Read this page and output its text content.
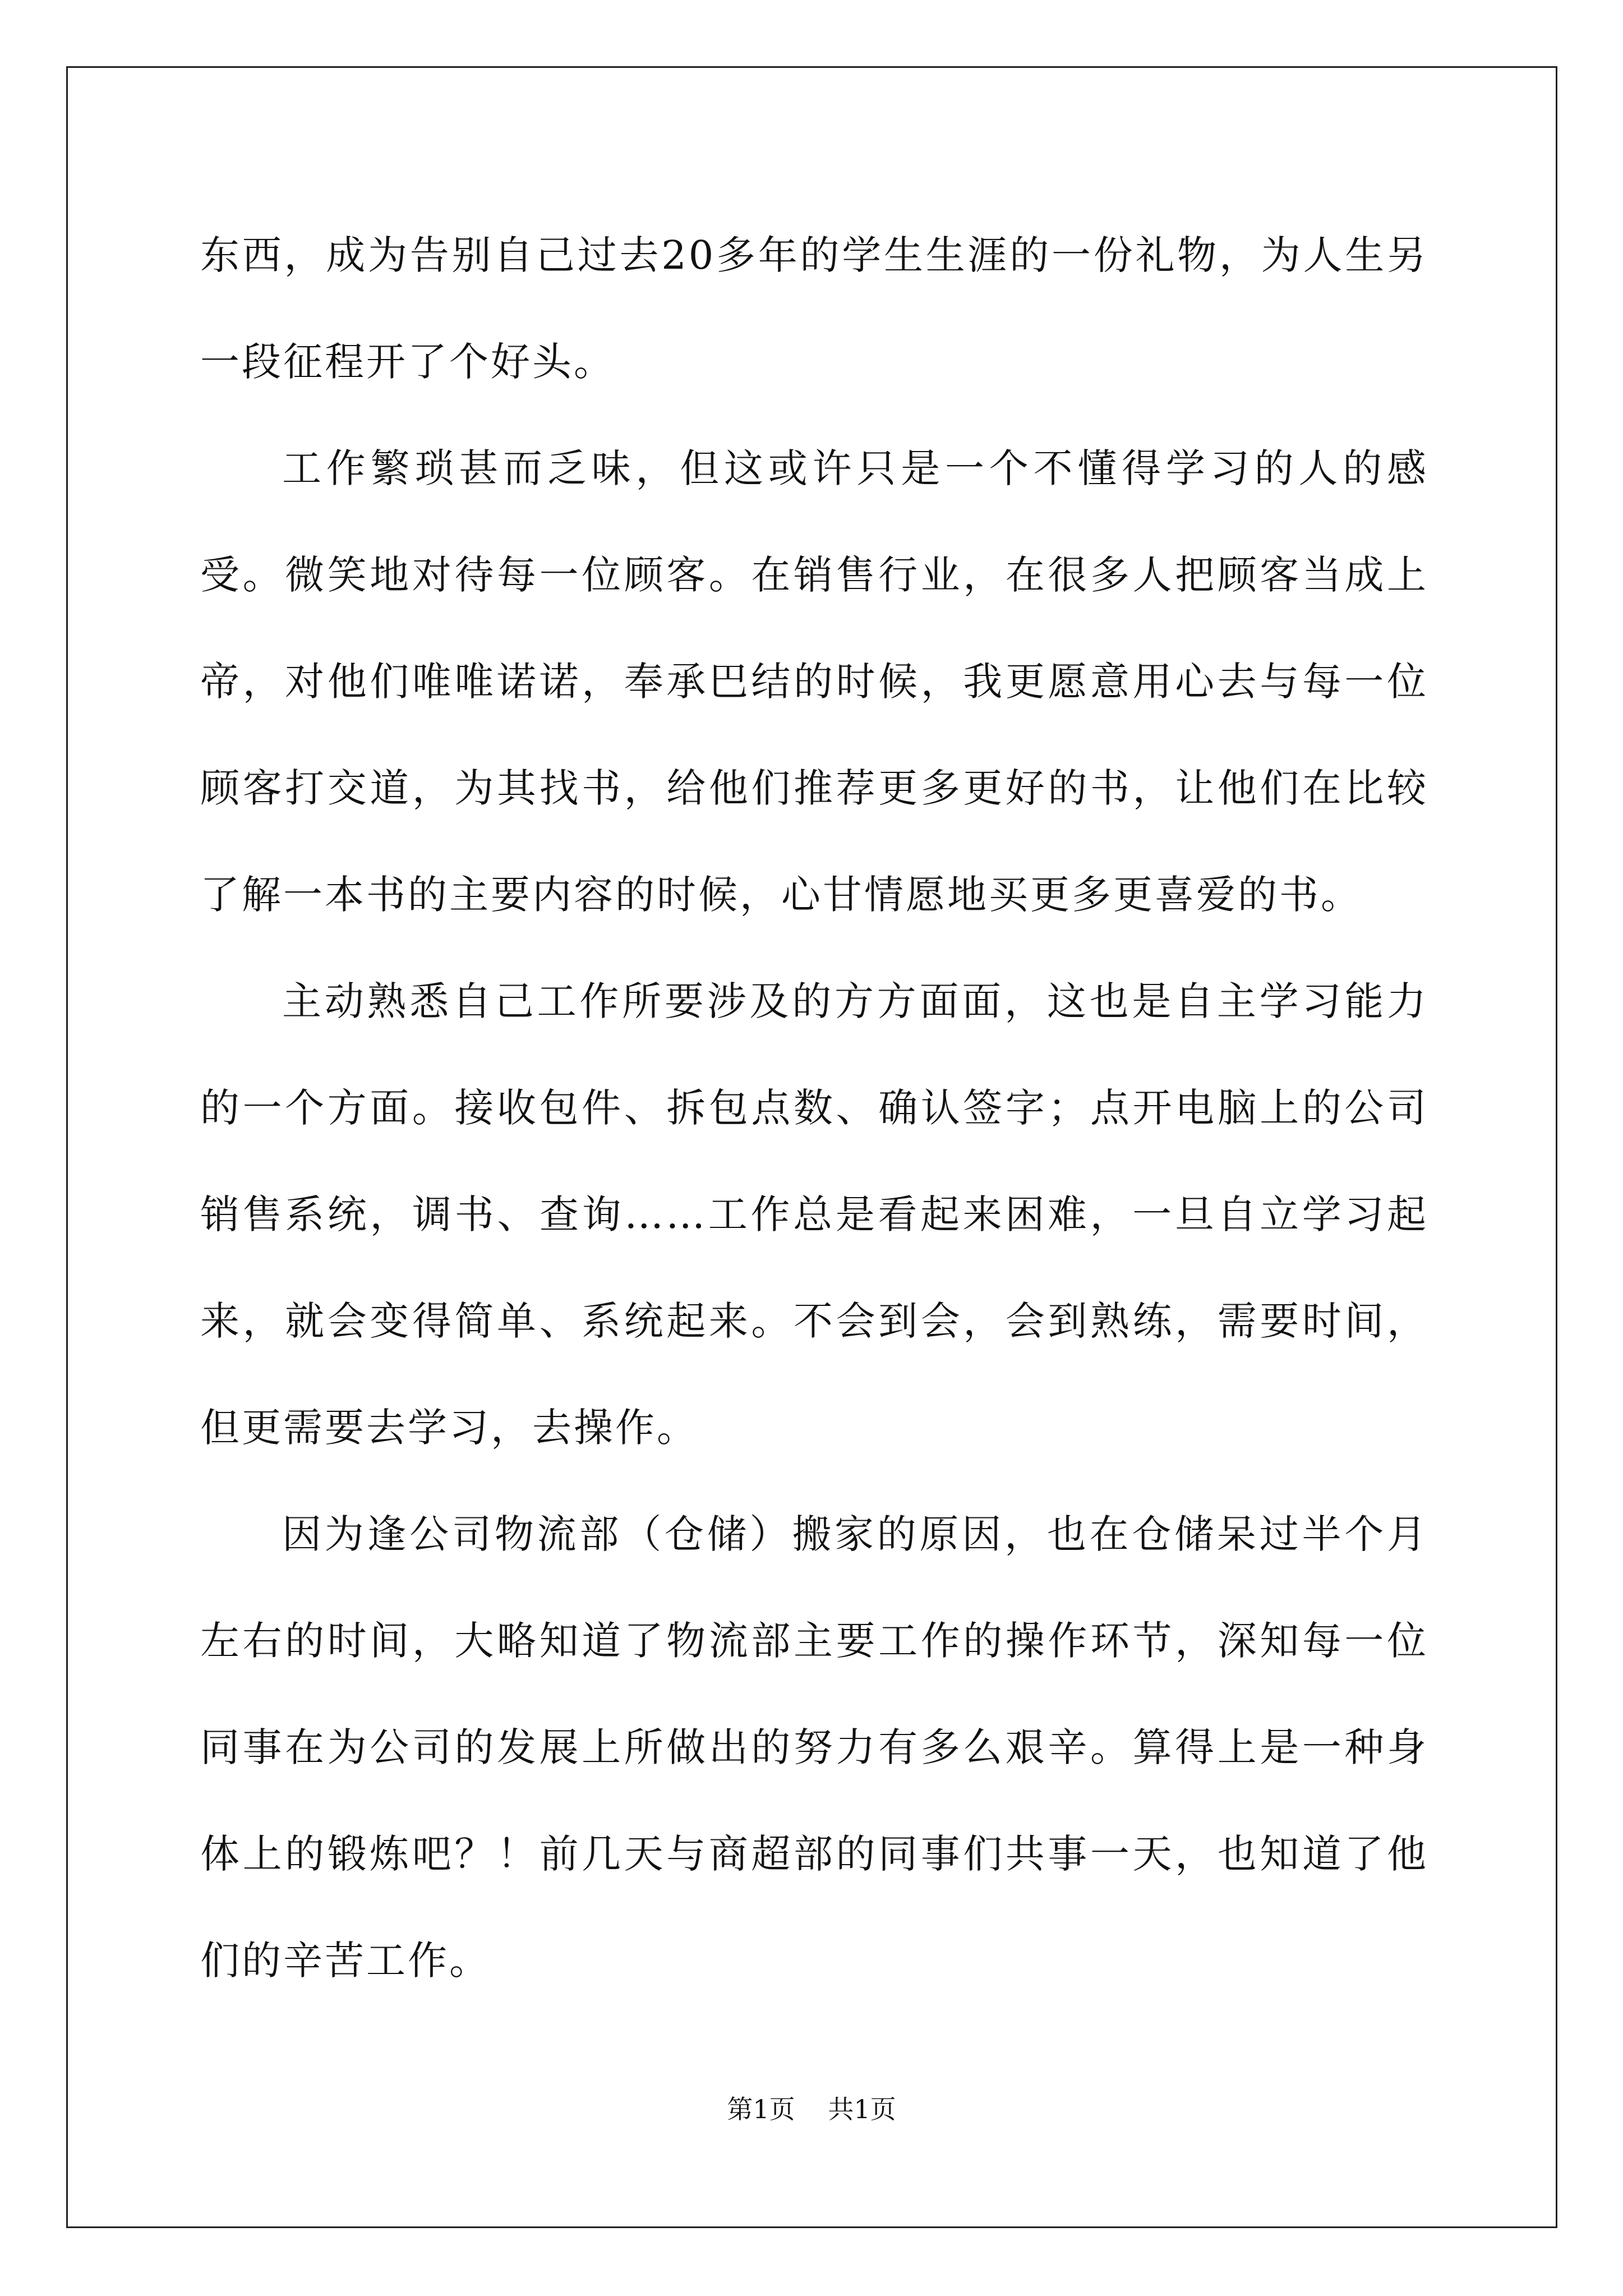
东西，成为告别自己过去20多年的学生生涯的一份礼物，为人生另一段征程开了个好头。

工作繁琐甚而乏味，但这或许只是一个不懂得学习的人的感受。微笑地对待每一位顾客。在销售行业，在很多人把顾客当成上帝，对他们唯唯诺诺，奉承巴结的时候，我更愿意用心去与每一位顾客打交道，为其找书，给他们推荐更多更好的书，让他们在比较了解一本书的主要内容的时候，心甘情愿地买更多更喜爱的书。

主动熟悉自己工作所要涉及的方方面面，这也是自主学习能力的一个方面。接收包件、拆包点数、确认签字；点开电脑上的公司销售系统，调书、查询……工作总是看起来困难，一旦自立学习起来，就会变得简单、系统起来。不会到会，会到熟练，需要时间，但更需要去学习，去操作。

因为逢公司物流部（仓储）搬家的原因，也在仓储呆过半个月左右的时间，大略知道了物流部主要工作的操作环节，深知每一位同事在为公司的发展上所做出的努力有多么艰辛。算得上是一种身体上的锻炼吧？！前几天与商超部的同事们共事一天，也知道了他们的辛苦工作。

第1页 共1页
